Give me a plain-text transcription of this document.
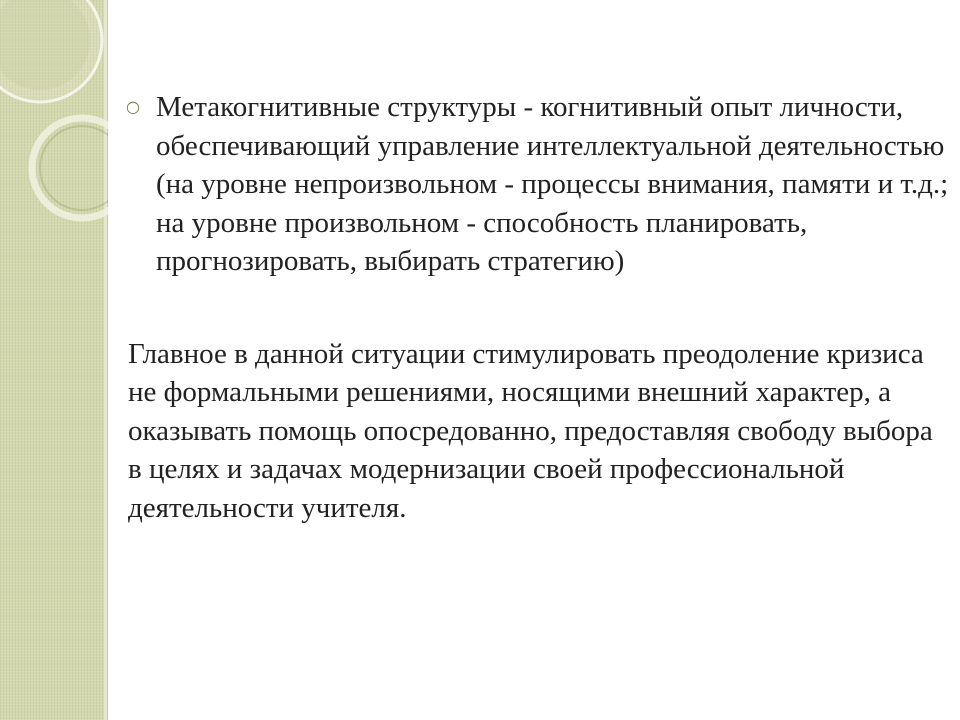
○ Метакогнитивные структуры - когнитивный опыт личности, обеспечивающий управление интеллектуальной деятельностью (на уровне непроизвольном - процессы внимания, памяти и т.д.; на уровне произвольном - способность планировать, прогнозировать, выбирать стратегию)
Главное в данной ситуации стимулировать преодоление кризиса не формальными решениями, носящими внешний характер, а оказывать помощь опосредованно, предоставляя свободу выбора в целях и задачах модернизации своей профессиональной деятельности учителя.
